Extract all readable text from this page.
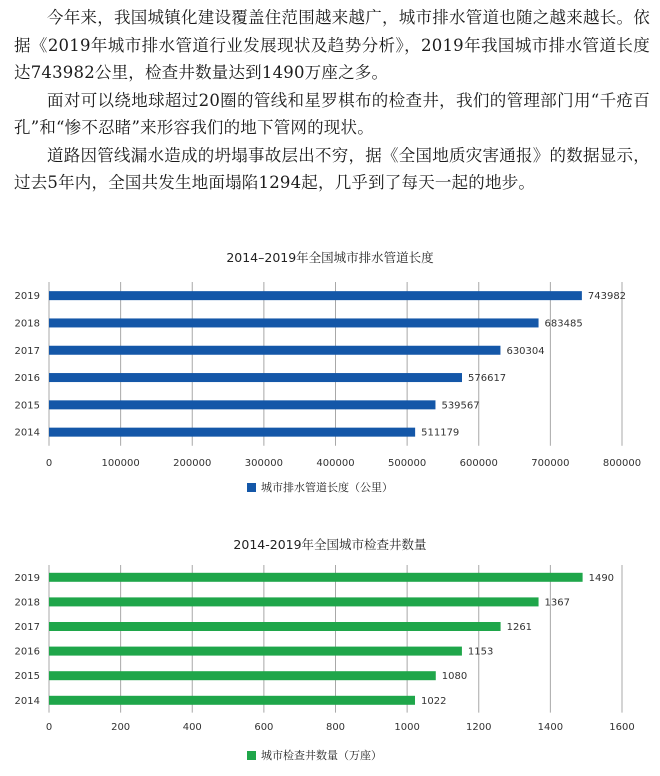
今年来，我国城镇化建设覆盖住范围越来越广，城市排水管道也随之越来越长。依据《2019年城市排水管道行业发展现状及趋势分析》，2019年我国城市排水管道长度达743982公里，检查井数量达到1490万座之多。

面对可以绕地球超过20圈的管线和星罗棋布的检查井，我们的管理部门用“千疮百孔”和“惨不忍睹”来形容我们的地下管网的现状。

道路因管线漏水造成的坍塌事故层出不穷，据《全国地质灾害通报》的数据显示，过去5年内，全国共发生地面塌陷1294起，几乎到了每天一起的地步。

2014–2019年全国城市排水管道长度
0	100000	200000	300000	400000	500000	600000	700000	800000
2019	743982
2018	683485
2017	630304
2016	576617
2015	539567
2014	511179
城市排水管道长度（公里）
2014-2019年全国城市检查井数量
0	200	400	600	800	1000	1200	1400	1600
2019	1490
2018	1367
2017	1261
2016	1153
2015	1080
2014	1022
城市检查井数量（万座）
